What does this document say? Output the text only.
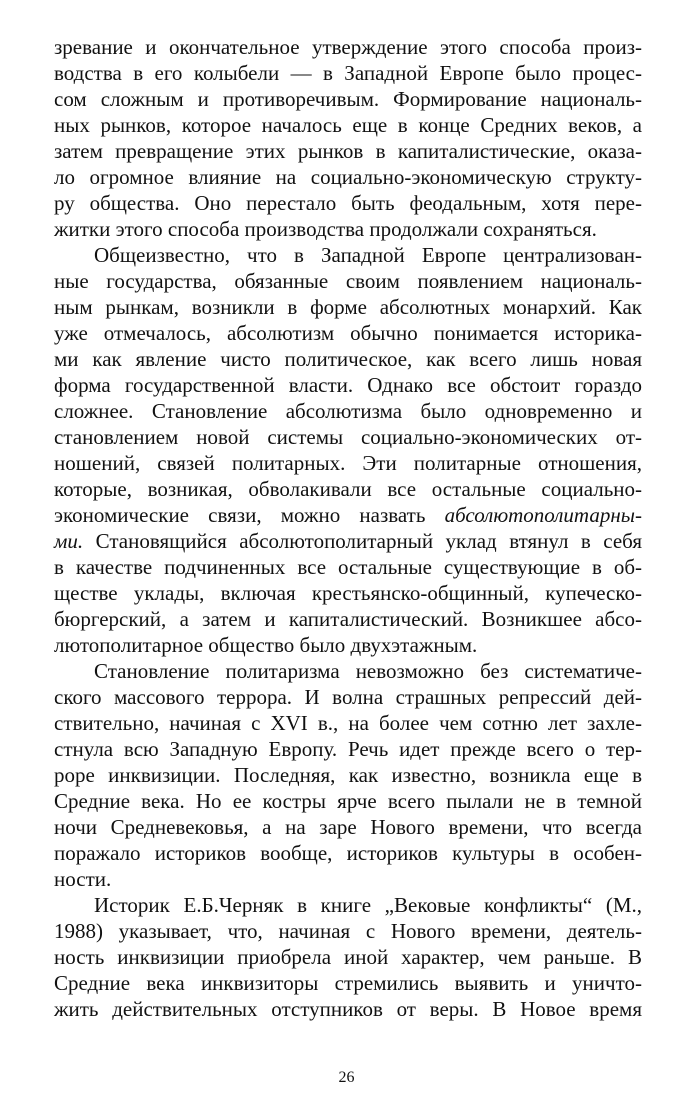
зревание и окончательное утверждение этого способа произ-
водства в его колыбели — в Западной Европе было процес-
сом сложным и противоречивым. Формирование националь-
ных рынков, которое началось еще в конце Средних веков, а
затем превращение этих рынков в капиталистические, оказа-
ло огромное влияние на социально-экономическую структу-
ру общества. Оно перестало быть феодальным, хотя пере-
житки этого способа производства продолжали сохраняться.
Общеизвестно, что в Западной Европе централизован-
ные государства, обязанные своим появлением националь-
ным рынкам, возникли в форме абсолютных монархий. Как
уже отмечалось, абсолютизм обычно понимается историка-
ми как явление чисто политическое, как всего лишь новая
форма государственной власти. Однако все обстоит гораздо
сложнее. Становление абсолютизма было одновременно и
становлением новой системы социально-экономических от-
ношений, связей политарных. Эти политарные отношения,
которые, возникая, обволакивали все остальные социально-
экономические связи, можно назвать абсолютополитарны-
ми. Становящийся абсолютополитарный уклад втянул в себя
в качестве подчиненных все остальные существующие в об-
ществе уклады, включая крестьянско-общинный, купеческо-
бюргерский, а затем и капиталистический. Возникшее абсо-
лютополитарное общество было двухэтажным.
Становление политаризма невозможно без систематиче-
ского массового террора. И волна страшных репрессий дей-
ствительно, начиная с XVI в., на более чем сотню лет захле-
стнула всю Западную Европу. Речь идет прежде всего о тер-
роре инквизиции. Последняя, как известно, возникла еще в
Средние века. Но ее костры ярче всего пылали не в темной
ночи Средневековья, а на заре Нового времени, что всегда
поражало историков вообще, историков культуры в особен-
ности.
Историк Е.Б.Черняк в книге „Вековые конфликты“ (М.,
1988) указывает, что, начиная с Нового времени, деятель-
ность инквизиции приобрела иной характер, чем раньше. В
Средние века инквизиторы стремились выявить и уничто-
жить действительных отступников от веры. В Новое время
26
